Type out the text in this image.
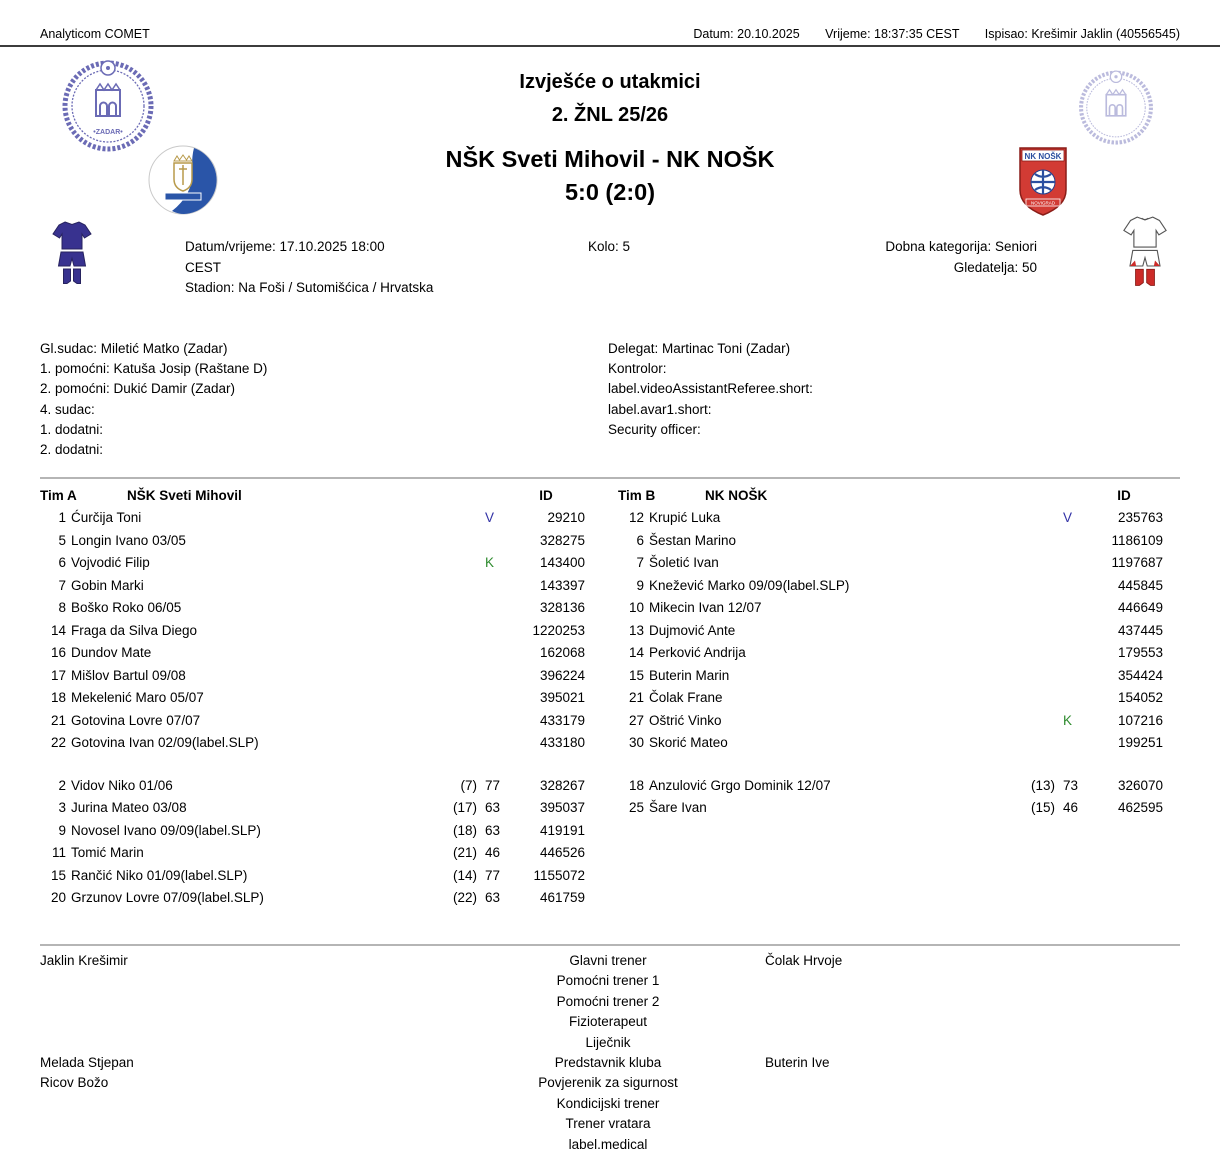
Analyticom COMET	Datum: 20.10.2025 Vrijeme: 18:37:35 CEST Ispisao: Krešimir Jaklin (40556545)
•ZADAR•
NK NOŠK
NOVIGRAD
Izvješće o utakmici
2. ŽNL 25/26
NŠK Sveti Mihovil - NK NOŠK
5:0 (2:0)
Datum/vrijeme: 17.10.2025 18:00
CEST
Stadion: Na Foši / Sutomišćica / Hrvatska
Kolo: 5	Dobna kategorija: Seniori
Gledatelja: 50
Gl.sudac: Miletić Matko (Zadar)
1. pomoćni: Katuša Josip (Raštane D)
2. pomoćni: Dukić Damir (Zadar)
4. sudac:
1. dodatni:
2. dodatni:
Delegat: Martinac Toni (Zadar)
Kontrolor:
label.videoAssistantReferee.short:
label.avar1.short:
Security officer:
Tim A	NŠK Sveti Mihovil	ID
1 Ćurčija Toni	V	29210
5 Longin Ivano 03/05	328275
6 Vojvodić Filip	K	143400
7 Gobin Marki	143397
8 Boško Roko 06/05	328136
14 Fraga da Silva Diego	1220253
16 Dundov Mate	162068
17 Mišlov Bartul 09/08	396224
18 Mekelenić Maro 05/07	395021
21 Gotovina Lovre 07/07	433179
22 Gotovina Ivan 02/09(label.SLP)	433180
2 Vidov Niko 01/06	(7) 77	328267
3 Jurina Mateo 03/08	(17) 63	395037
9 Novosel Ivano 09/09(label.SLP)	(18) 63	419191
11 Tomić Marin	(21) 46	446526
15 Rančić Niko 01/09(label.SLP)	(14) 77	1155072
20 Grzunov Lovre 07/09(label.SLP)	(22) 63	461759
Tim B	NK NOŠK	ID
12 Krupić Luka	V	235763
6 Šestan Marino	1186109
7 Šoletić Ivan	1197687
9 Knežević Marko 09/09(label.SLP)	445845
10 Mikecin Ivan 12/07	446649
13 Dujmović Ante	437445
14 Perković Andrija	179553
15 Buterin Marin	354424
21 Čolak Frane	154052
27 Oštrić Vinko	K	107216
30 Skorić Mateo	199251
18 Anzulović Grgo Dominik 12/07	(13) 73	326070
25 Šare Ivan	(15) 46	462595
Jaklin Krešimir	Glavni trener	Čolak Hrvoje
Pomoćni trener 1
Pomoćni trener 2
Fizioterapeut
Liječnik
Melada Stjepan	Predstavnik kluba	Buterin Ive
Ricov Božo	Povjerenik za sigurnost
Kondicijski trener
Trener vratara
label.medical
